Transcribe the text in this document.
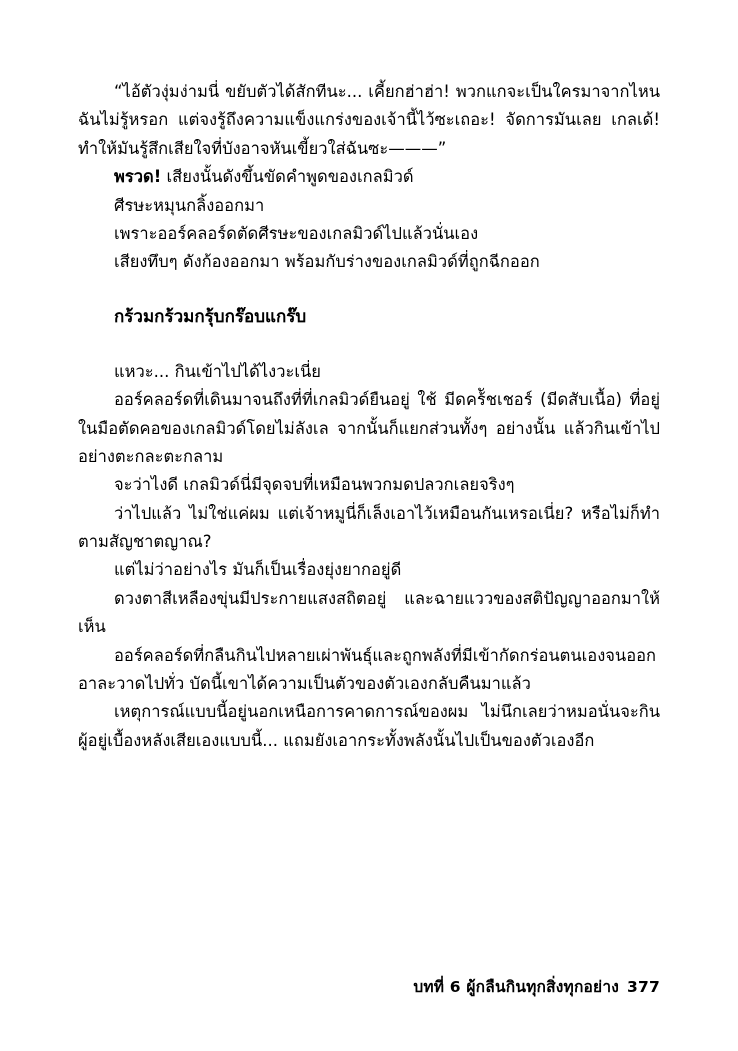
“ไอ้ตัวงุ่มง่ามนี่ ขยับตัวได้สักทีนะ... เคี้ยกฮ่าฮ่า! พวกแกจะเป็นใครมาจากไหนฉันไม่รู้หรอก แต่จงรู้ถึงความแข็งแกร่งของเจ้านี้ไว้ซะเถอะ! จัดการมันเลย เกลเด้! ทำให้มันรู้สึกเสียใจที่บังอาจหันเขี้ยวใส่ฉันซะ———”

พรวด! เสียงนั้นดังขึ้นขัดคำพูดของเกลมิวด์

ศีรษะหมุนกลิ้งออกมา

เพราะออร์คลอร์ดตัดศีรษะของเกลมิวด์ไปแล้วนั่นเอง

เสียงทึบๆ ดังก้องออกมา พร้อมกับร่างของเกลมิวด์ที่ถูกฉีกออก

กร้วมกร้วมกรุ้บกร๊อบแกร๊บ

แหวะ... กินเข้าไปได้ไงวะเนี่ย

ออร์คลอร์ดที่เดินมาจนถึงที่ที่เกลมิวด์ยืนอยู่ ใช้ มีดคร้ัชเชอร์ (มีดสับเนื้อ) ที่อยู่ในมือตัดคอของเกลมิวด์โดยไม่ลังเล จากนั้นก็แยกส่วนทั้งๆ อย่างนั้น แล้วกินเข้าไปอย่างตะกละตะกลาม

จะว่าไงดี เกลมิวด์นี่มีจุดจบที่เหมือนพวกมดปลวกเลยจริงๆ

ว่าไปแล้ว ไม่ใช่แค่ผม แต่เจ้าหมูนี่ก็เล็งเอาไว้เหมือนกันเหรอเนี่ย? หรือไม่ก็ทำตามสัญชาตญาณ?

แต่ไม่ว่าอย่างไร มันก็เป็นเรื่องยุ่งยากอยู่ดี

ดวงตาสีเหลืองขุ่นมีประกายแสงสถิตอยู่ และฉายแววของสติปัญญาออกมาให้เห็น

ออร์คลอร์ดที่กลืนกินไปหลายเผ่าพันธุ์และถูกพลังที่มีเข้ากัดกร่อนตนเองจนออกอาละวาดไปทั่ว บัดนี้เขาได้ความเป็นตัวของตัวเองกลับคืนมาแล้ว

เหตุการณ์แบบนี้อยู่นอกเหนือการคาดการณ์ของผม ไม่นึกเลยว่าหมอนั่นจะกินผู้อยู่เบื้องหลังเสียเองแบบนี้... แถมยังเอากระทั้งพลังนั้นไปเป็นของตัวเองอีก

บทที่ 6 ผู้กลืนกินทุกสิ่งทุกอย่าง 377
